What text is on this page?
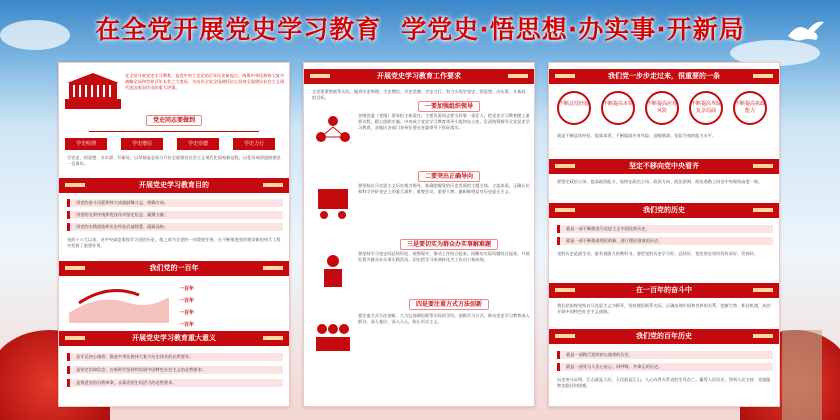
在全党开展党史学习教育 学党史·悟思想·办实事·开新局
在全党开展党史学习教育，是党中央立足党的百年历史新起点、统筹中华民族伟大复兴战略全局和世界百年未有之大变局，为动员全党全国满怀信心投身全面建设社会主义现代化国家而作出的重大决策。
党史同志要做到
学史明理	学史增信	学史崇德	学史力行
学党史、悟思想、办实事、开新局，以昂扬姿态奋力开启全面建设社会主义现代化国家新征程，以优异成绩迎接建党一百周年。
开展党史学习教育目的
用党的奋斗历程和伟大成就鼓舞斗志、明确方向；
用党的光荣传统和优良作风坚定信念、凝聚力量；
用党的实践创造和历史经验启迪智慧、砥砺品格。
党的十八大以来，党中央高度重视学习党的历史，使之成为全党的一项重要任务，在不断推进党的建设新的伟大工程中发挥了重要作用。
我们党的一百年
一百年
一百年
一百年
一百年
开展党史学习教育重大意义
是牢记初心使命，推进中华民族伟大复兴历史伟业的必然要求；
是坚定信仰信念，在新时代坚持和发展中国特色社会主义的必然要求；
是推进党的自我革命，永葆党的生机活力的必然要求。
开展党史学习教育工作要求
全党要紧密联系实际，做到学史明理、学史增信、学史崇德、学史力行，努力实现学党史、悟思想、办实事、开新局的目标。
一要加强组织领导
各级党委（党组）要承担主体责任，主要负责同志要当好第一责任人，把党史学习教育摆上重要议程，精心组织实施。中央成立党史学习教育领导小组和办公室，负责统筹指导全党党史学习教育，各地区各部门各单位要在党委领导下抓好落实。
二要突出正确导向
要坚持以马克思主义历史观为指导，准确把握党的历史发展的主题主线、主流本质，正确认识和科学评价党史上的重大事件、重要会议、重要人物，旗帜鲜明反对历史虚无主义。
三是要切实为群众办实事解难题
要坚持学习党史同总结经验、观照现实、推动工作结合起来，同解决实际问题结合起来，开展好我为群众办实事实践活动，切实把学习成效转化为工作动力和成效。
四是要注重方式方法创新
要注重方式方法创新，大力弘扬理论联系实际的学风，创新学习方式，推动党史学习教育深入群众、深入基层、深入人心，防止形式主义。
我们党一步步走过来，很重要的一条
不断总结经验	不断提高本领	不断提高应对风险
不断提高驾驭复杂局面
不断提高执政能力
就是不断总结经验、提高本领，不断提高应对风险、迎接挑战、化险为夷的能力水平。
坚定不移向党中央看齐
要坚定政治立场、提高政治能力，始终在政治立场、政治方向、政治原则、政治道路上同党中央保持高度一致。
我们党的历史
就是一部不断推进马克思主义中国化的历史，
就是一部不断推进理论创新、进行理论创造的历史。
党的历史是最生动、最有说服力的教科书，要把党的历史学习好、总结好，把党的宝贵经验传承好、发扬好。
在一百年的奋斗中
我们党始终坚持以马克思主义为指导，坚持理论联系实际，正确处理中国和世界的关系，把握大势、抓住机遇，成功开辟中国特色社会主义道路。
我们党的百年历史
就是一部践行党的初心使命的历史，
就是一部党与人民心连心、同呼吸、共命运的历史。
历史充分证明，江山就是人民，人民就是江山，人心向背关系党的生死存亡。赢得人民信任，得到人民支持，党就能够克服任何困难。
